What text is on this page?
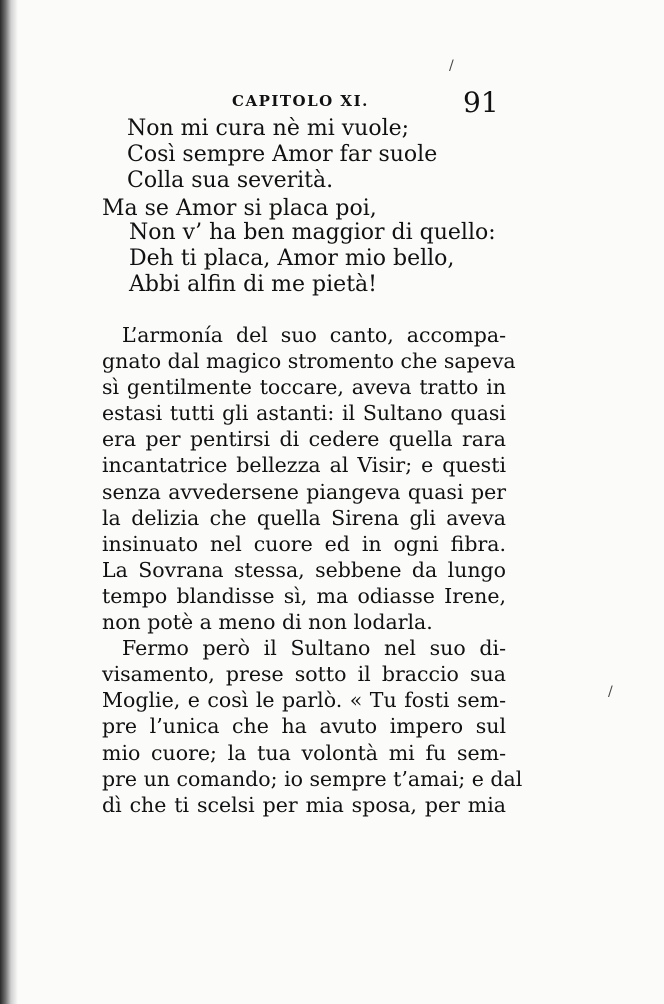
CAPITOLO XI.	91
Non mi cura nè mi vuole;
Così sempre Amor far suole
Colla sua severità.
Ma se Amor si placa poi,
Non v’ ha ben maggior di quello:
Deh ti placa, Amor mio bello,
Abbi alfin di me pietà!
L’armonía del suo canto, accompa-
gnato dal magico stromento che sapeva
sì gentilmente toccare, aveva tratto in
estasi tutti gli astanti: il Sultano quasi
era per pentirsi di cedere quella rara
incantatrice bellezza al Visir; e questi
senza avvedersene piangeva quasi per
la delizia che quella Sirena gli aveva
insinuato nel cuore ed in ogni fibra.
La Sovrana stessa, sebbene da lungo
tempo blandisse sì, ma odiasse Irene,
non potè a meno di non lodarla.
Fermo però il Sultano nel suo di-
visamento, prese sotto il braccio sua
Moglie, e così le parlò. « Tu fosti sem-
pre l’unica che ha avuto impero sul
mio cuore; la tua volontà mi fu sem-
pre un comando; io sempre t’amai; e dal
dì che ti scelsi per mia sposa, per mia
/
/
